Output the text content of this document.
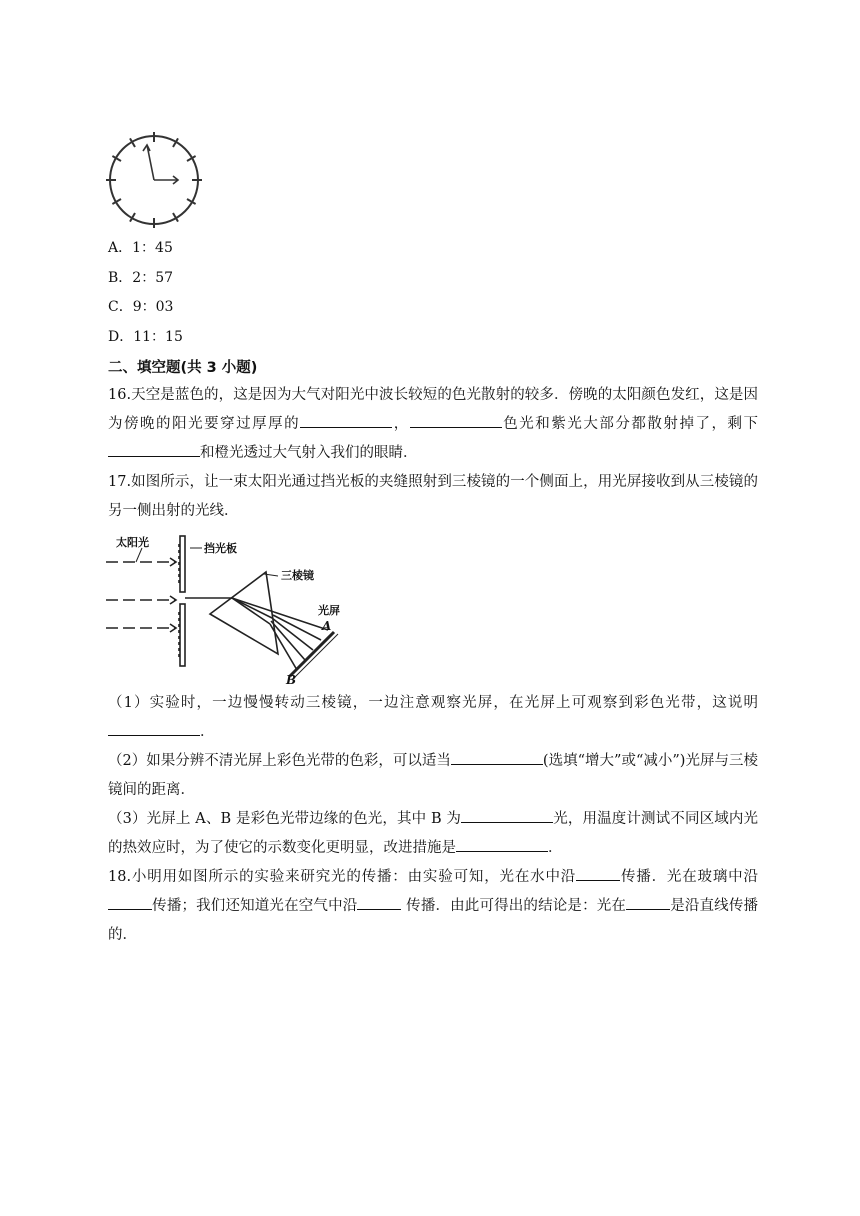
A．1：45
B．2：57
C．9：03
D．11：15
二、填空题(共 3 小题)
16.天空是蓝色的，这是因为大气对阳光中波长较短的色光散射的较多．傍晚的太阳颜色发红，这是因为傍晚的阳光要穿过厚厚的	，	色光和紫光大部分都散射掉了，剩下和橙光透过大气射入我们的眼睛．
17.如图所示，让一束太阳光通过挡光板的夹缝照射到三棱镜的一个侧面上，用光屏接收到从三棱镜的另一侧出射的光线．
太阳光	挡光板
三棱镜
光屏
A
B
（1）实验时，一边慢慢转动三棱镜，一边注意观察光屏，在光屏上可观察到彩色光带，这说明．
（2）如果分辨不清光屏上彩色光带的色彩，可以适当	(选填“增大”或“减小”)光屏与三棱镜间的距离．
（3）光屏上 A、B 是彩色光带边缘的色光，其中 B 为	光，用温度计测试不同区域内光的热效应时，为了使它的示数变化更明显，改进措施是	．
18.小明用如图所示的实验来研究光的传播：由实验可知，光在水中沿	传播．光在玻璃中沿传播；我们还知道光在空气中沿	传播．由此可得出的结论是：光在	是沿直线传播的．
